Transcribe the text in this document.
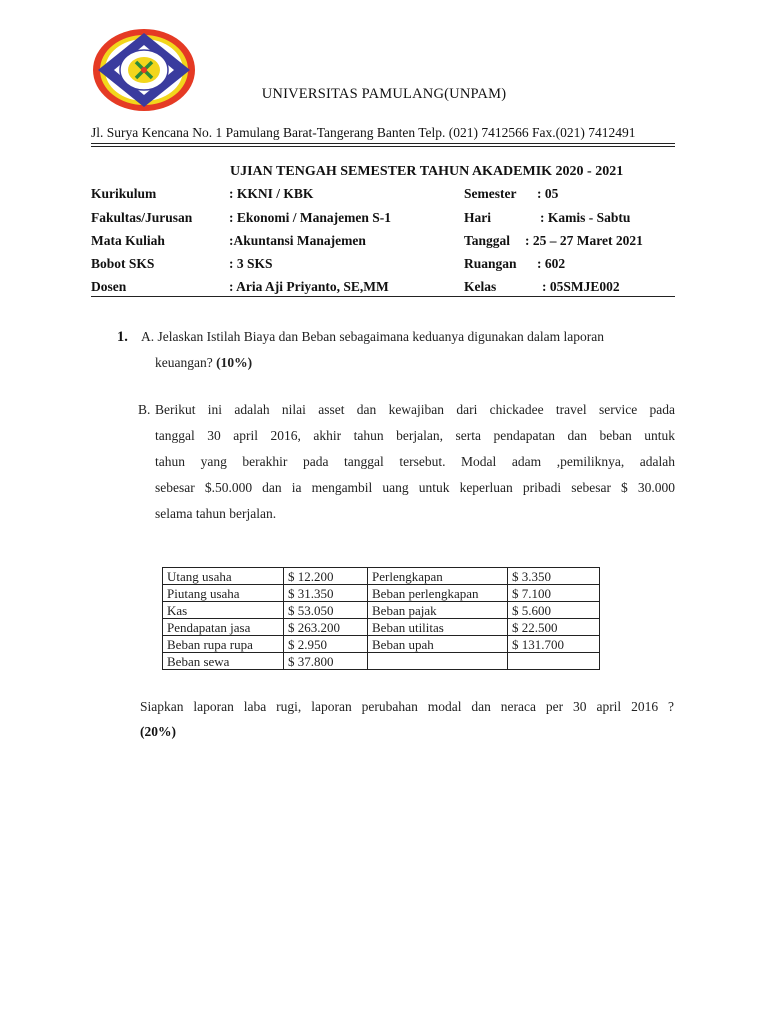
UNIVERSITAS PAMULANG(UNPAM)
Jl. Surya Kencana No. 1 Pamulang Barat-Tangerang Banten Telp. (021) 7412566 Fax.(021) 7412491
UJIAN TENGAH SEMESTER TAHUN AKADEMIK 2020 - 2021
Kurikulum	: KKNI / KBK	Semester : 05
Fakultas/Jurusan	: Ekonomi / Manajemen S-1	Hari	: Kamis - Sabtu
Mata Kuliah	:Akuntansi Manajemen	Tanggal : 25 – 27 Maret 2021
Bobot SKS	: 3 SKS	Ruangan : 602
Dosen	: Aria Aji Priyanto, SE,MM	Kelas	: 05SMJE002
1. A. Jelaskan Istilah Biaya dan Beban sebagaimana keduanya digunakan dalam laporan
keuangan? (10%)
B. Berikut ini adalah nilai asset dan kewajiban dari chickadee travel service pada
tanggal 30 april 2016, akhir tahun berjalan, serta pendapatan dan beban untuk
tahun yang berakhir pada tanggal tersebut. Modal adam ,pemiliknya, adalah
sebesar $.50.000 dan ia mengambil uang untuk keperluan pribadi sebesar $ 30.000
selama tahun berjalan.
Utang usaha	$ 12.200	Perlengkapan	$ 3.350
Piutang usaha	$ 31.350	Beban perlengkapan	$ 7.100
Kas	$ 53.050	Beban pajak	$ 5.600
Pendapatan jasa	$ 263.200	Beban utilitas	$ 22.500
Beban rupa rupa	$ 2.950	Beban upah	$ 131.700
Beban sewa	$ 37.800		
Siapkan laporan laba rugi, laporan perubahan modal dan neraca per 30 april 2016 ?
(20%)
